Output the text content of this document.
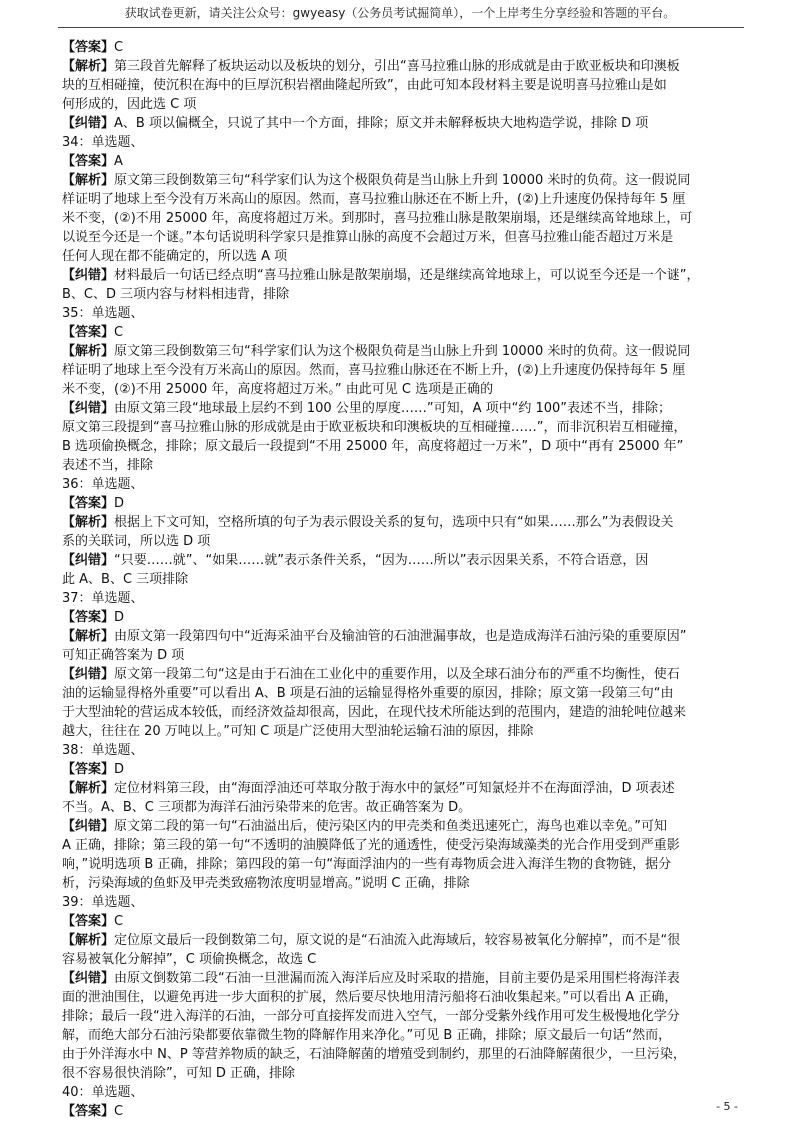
获取试卷更新，请关注公众号：gwyeasy（公务员考试掘简单），一个上岸考生分享经验和答题的平台。
【答案】C
【解析】第三段首先解释了板块运动以及板块的划分，引出“喜马拉雅山脉的形成就是由于欧亚板块和印澳板
块的互相碰撞，使沉积在海中的巨厚沉积岩褶曲隆起所致”，由此可知本段材料主要是说明喜马拉雅山是如
何形成的，因此选 C 项
【纠错】A、B 项以偏概全，只说了其中一个方面，排除；原文并未解释板块大地构造学说，排除 D 项
34：单选题、
【答案】A
【解析】原文第三段倒数第三句“科学家们认为这个极限负荷是当山脉上升到 10000 米时的负荷。这一假说同
样证明了地球上至今没有万米高山的原因。然而，喜马拉雅山脉还在不断上升，(②)上升速度仍保持每年 5 厘
米不变，(②)不用 25000 年，高度将超过万米。到那时，喜马拉雅山脉是散架崩塌，还是继续高耸地球上，可
以说至今还是一个谜。”本句话说明科学家只是推算山脉的高度不会超过万米，但喜马拉雅山能否超过万米是
任何人现在都不能确定的，所以选 A 项
【纠错】材料最后一句话已经点明“喜马拉雅山脉是散架崩塌，还是继续高耸地球上，可以说至今还是一个谜”，
B、C、D 三项内容与材料相违背，排除
35：单选题、
【答案】C
【解析】原文第三段倒数第三句“科学家们认为这个极限负荷是当山脉上升到 10000 米时的负荷。这一假说同
样证明了地球上至今没有万米高山的原因。然而，喜马拉雅山脉还在不断上升，(②)上升速度仍保持每年 5 厘
米不变，(②)不用 25000 年，高度将超过万米。” 由此可见 C 选项是正确的
【纠错】由原文第三段“地球最上层约不到 100 公里的厚度……”可知，A 项中“约 100”表述不当，排除；
原文第三段提到“喜马拉雅山脉的形成就是由于欧亚板块和印澳板块的互相碰撞……”，而非沉积岩互相碰撞，
B 选项偷换概念，排除；原文最后一段提到“不用 25000 年，高度将超过一万米”，D 项中“再有 25000 年”
表述不当，排除
36：单选题、
【答案】D
【解析】根据上下文可知，空格所填的句子为表示假设关系的复句，选项中只有“如果……那么”为表假设关
系的关联词，所以选 D 项
【纠错】“只要……就”、“如果……就”表示条件关系，“因为……所以”表示因果关系，不符合语意，因
此 A、B、C 三项排除
37：单选题、
【答案】D
【解析】由原文第一段第四句中“近海采油平台及输油管的石油泄漏事故，也是造成海洋石油污染的重要原因”
可知正确答案为 D 项
【纠错】原文第一段第二句“这是由于石油在工业化中的重要作用，以及全球石油分布的严重不均衡性，使石
油的运输显得格外重要”可以看出 A、B 项是石油的运输显得格外重要的原因，排除；原文第一段第三句“由
于大型油轮的营运成本较低，而经济效益却很高，因此，在现代技术所能达到的范围内，建造的油轮吨位越来
越大，往往在 20 万吨以上。”可知 C 项是广泛使用大型油轮运输石油的原因，排除
38：单选题、
【答案】D
【解析】定位材料第三段，由“海面浮油还可萃取分散于海水中的氯烃”可知氯烃并不在海面浮油，D 项表述
不当。A、B、C 三项都为海洋石油污染带来的危害。故正确答案为 D。
【纠错】原文第二段的第一句“石油溢出后，使污染区内的甲壳类和鱼类迅速死亡，海鸟也难以幸免。”可知
A 正确，排除；第三段的第一句“不透明的油膜降低了光的通透性，使受污染海域藻类的光合作用受到严重影
响，”说明选项 B 正确，排除；第四段的第一句“海面浮油内的一些有毒物质会进入海洋生物的食物链，据分
析，污染海域的鱼虾及甲壳类致癌物浓度明显增高。”说明 C 正确，排除
39：单选题、
【答案】C
【解析】定位原文最后一段倒数第二句，原文说的是“石油流入此海域后，较容易被氧化分解掉”，而不是“很
容易被氧化分解掉”，C 项偷换概念，故选 C
【纠错】由原文倒数第二段“石油一旦泄漏而流入海洋后应及时采取的措施，目前主要仍是采用围栏将海洋表
面的泄油围住，以避免再进一步大面积的扩展，然后要尽快地用清污船将石油收集起来。”可以看出 A 正确，
排除；最后一段“进入海洋的石油，一部分可直接挥发而进入空气，一部分受紫外线作用可发生极慢地化学分
解，而绝大部分石油污染都要依靠微生物的降解作用来净化。”可见 B 正确，排除；原文最后一句话“然而，
由于外洋海水中 N、P 等营养物质的缺乏，石油降解菌的增殖受到制约，那里的石油降解菌很少，一旦污染，
很不容易很快消除”，可知 D 正确，排除
40：单选题、
【答案】C	- 5 -
